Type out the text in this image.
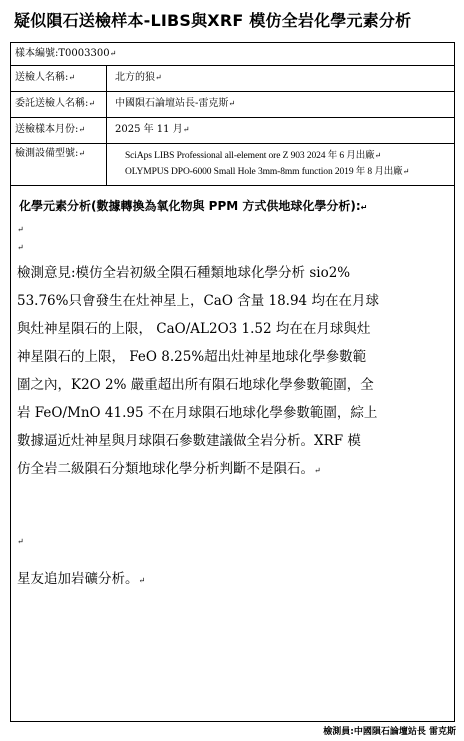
疑似隕石送檢样本-LIBS與XRF 模仿全岩化學元素分析
樣本編號:T0003300 ↵
送檢人名稱: ↵	北方的狼 ↵
委託送檢人名稱: ↵	中國隕石論壇站長-雷克斯 ↵
送檢樣本月份: ↵	2025 年 11 月 ↵
檢測設備型號: ↵	SciAps LIBS Professional all-element ore Z 903 2024 年 6 月出廠 ↵
OLYMPUS DPO-6000 Small Hole 3mm-8mm function 2019 年 8 月出廠 ↵
化學元素分析(數據轉換為氧化物與 PPM 方式供地球化學分析): ↵
↵
↵
檢測意見:模仿全岩初級全隕石種類地球化學分析 sio2%
53.76%只會發生在灶神星上，CaO 含量 18.94 均在在月球
與灶神星隕石的上限， CaO/AL2O3 1.52 均在在月球與灶
神星隕石的上限， FeO 8.25%超出灶神星地球化學參數範
圍之內，K2O 2% 嚴重超出所有隕石地球化學參數範圍，全
岩 FeO/MnO 41.95 不在月球隕石地球化學參數範圍，綜上
數據逼近灶神星與月球隕石參數建議做全岩分析。XRF 模
仿全岩二級隕石分類地球化學分析判斷不是隕石。 ↵
↵
星友追加岩礦分析。 ↵
檢測員:中國隕石論壇站長 雷克斯
